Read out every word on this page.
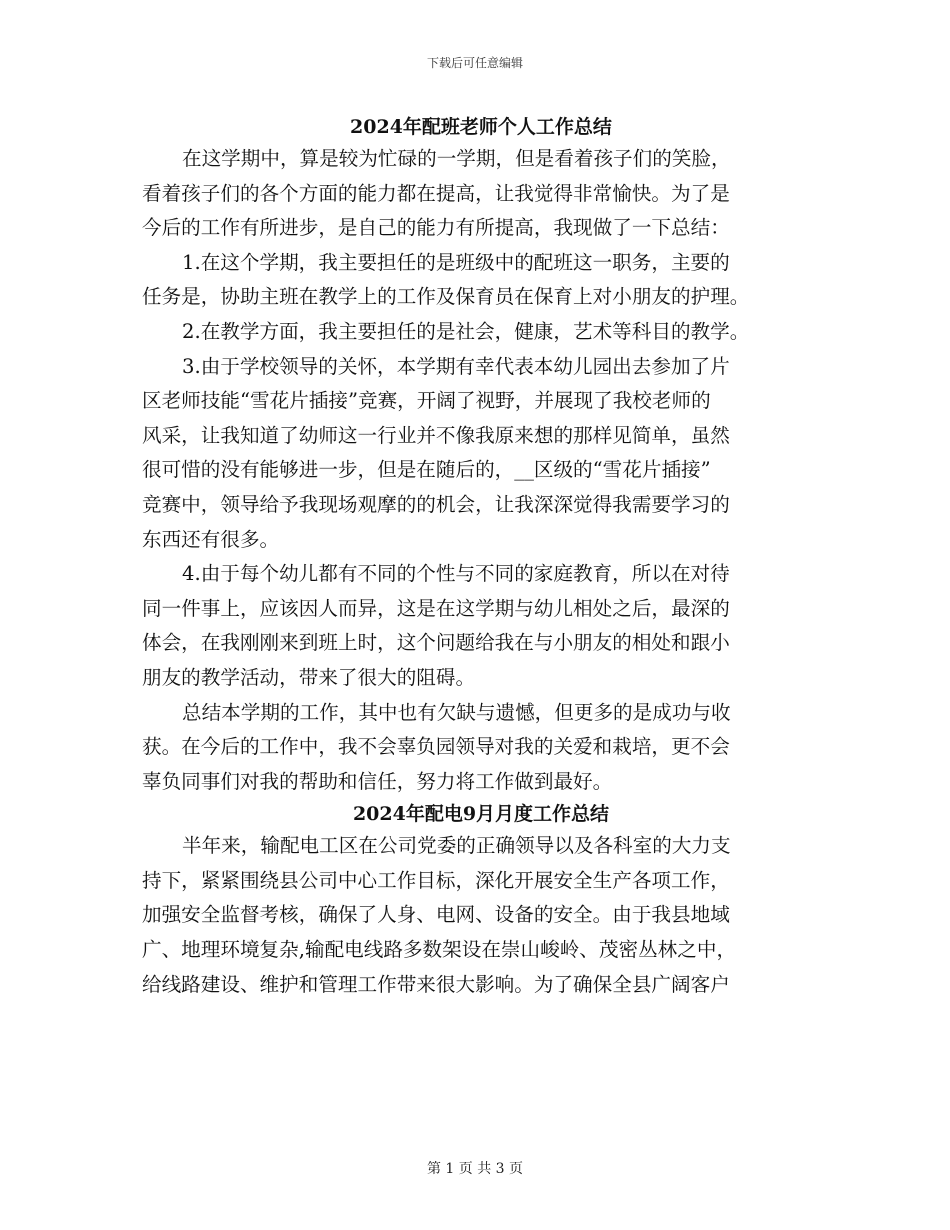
下载后可任意编辑
2024年配班老师个人工作总结
在这学期中，算是较为忙碌的一学期，但是看着孩子们的笑脸，
看着孩子们的各个方面的能力都在提高，让我觉得非常愉快。为了是
今后的工作有所进步，是自己的能力有所提高，我现做了一下总结：
1.在这个学期，我主要担任的是班级中的配班这一职务，主要的
任务是，协助主班在教学上的工作及保育员在保育上对小朋友的护理。
2.在教学方面，我主要担任的是社会，健康，艺术等科目的教学。
3.由于学校领导的关怀，本学期有幸代表本幼儿园出去参加了片
区老师技能“雪花片插接”竞赛，开阔了视野，并展现了我校老师的
风采，让我知道了幼师这一行业并不像我原来想的那样见简单，虽然
很可惜的没有能够进一步，但是在随后的，__区级的“雪花片插接”
竞赛中，领导给予我现场观摩的的机会，让我深深觉得我需要学习的
东西还有很多。
4.由于每个幼儿都有不同的个性与不同的家庭教育，所以在对待
同一件事上，应该因人而异，这是在这学期与幼儿相处之后，最深的
体会，在我刚刚来到班上时，这个问题给我在与小朋友的相处和跟小
朋友的教学活动，带来了很大的阻碍。
总结本学期的工作，其中也有欠缺与遗憾，但更多的是成功与收
获。在今后的工作中，我不会辜负园领导对我的关爱和栽培，更不会
辜负同事们对我的帮助和信任，努力将工作做到最好。
2024年配电9月月度工作总结
半年来，输配电工区在公司党委的正确领导以及各科室的大力支
持下，紧紧围绕县公司中心工作目标，深化开展安全生产各项工作，
加强安全监督考核，确保了人身、电网、设备的安全。由于我县地域
广、地理环境复杂,输配电线路多数架设在崇山峻岭、茂密丛林之中，
给线路建设、维护和管理工作带来很大影响。为了确保全县广阔客户
第 1 页 共 3 页
